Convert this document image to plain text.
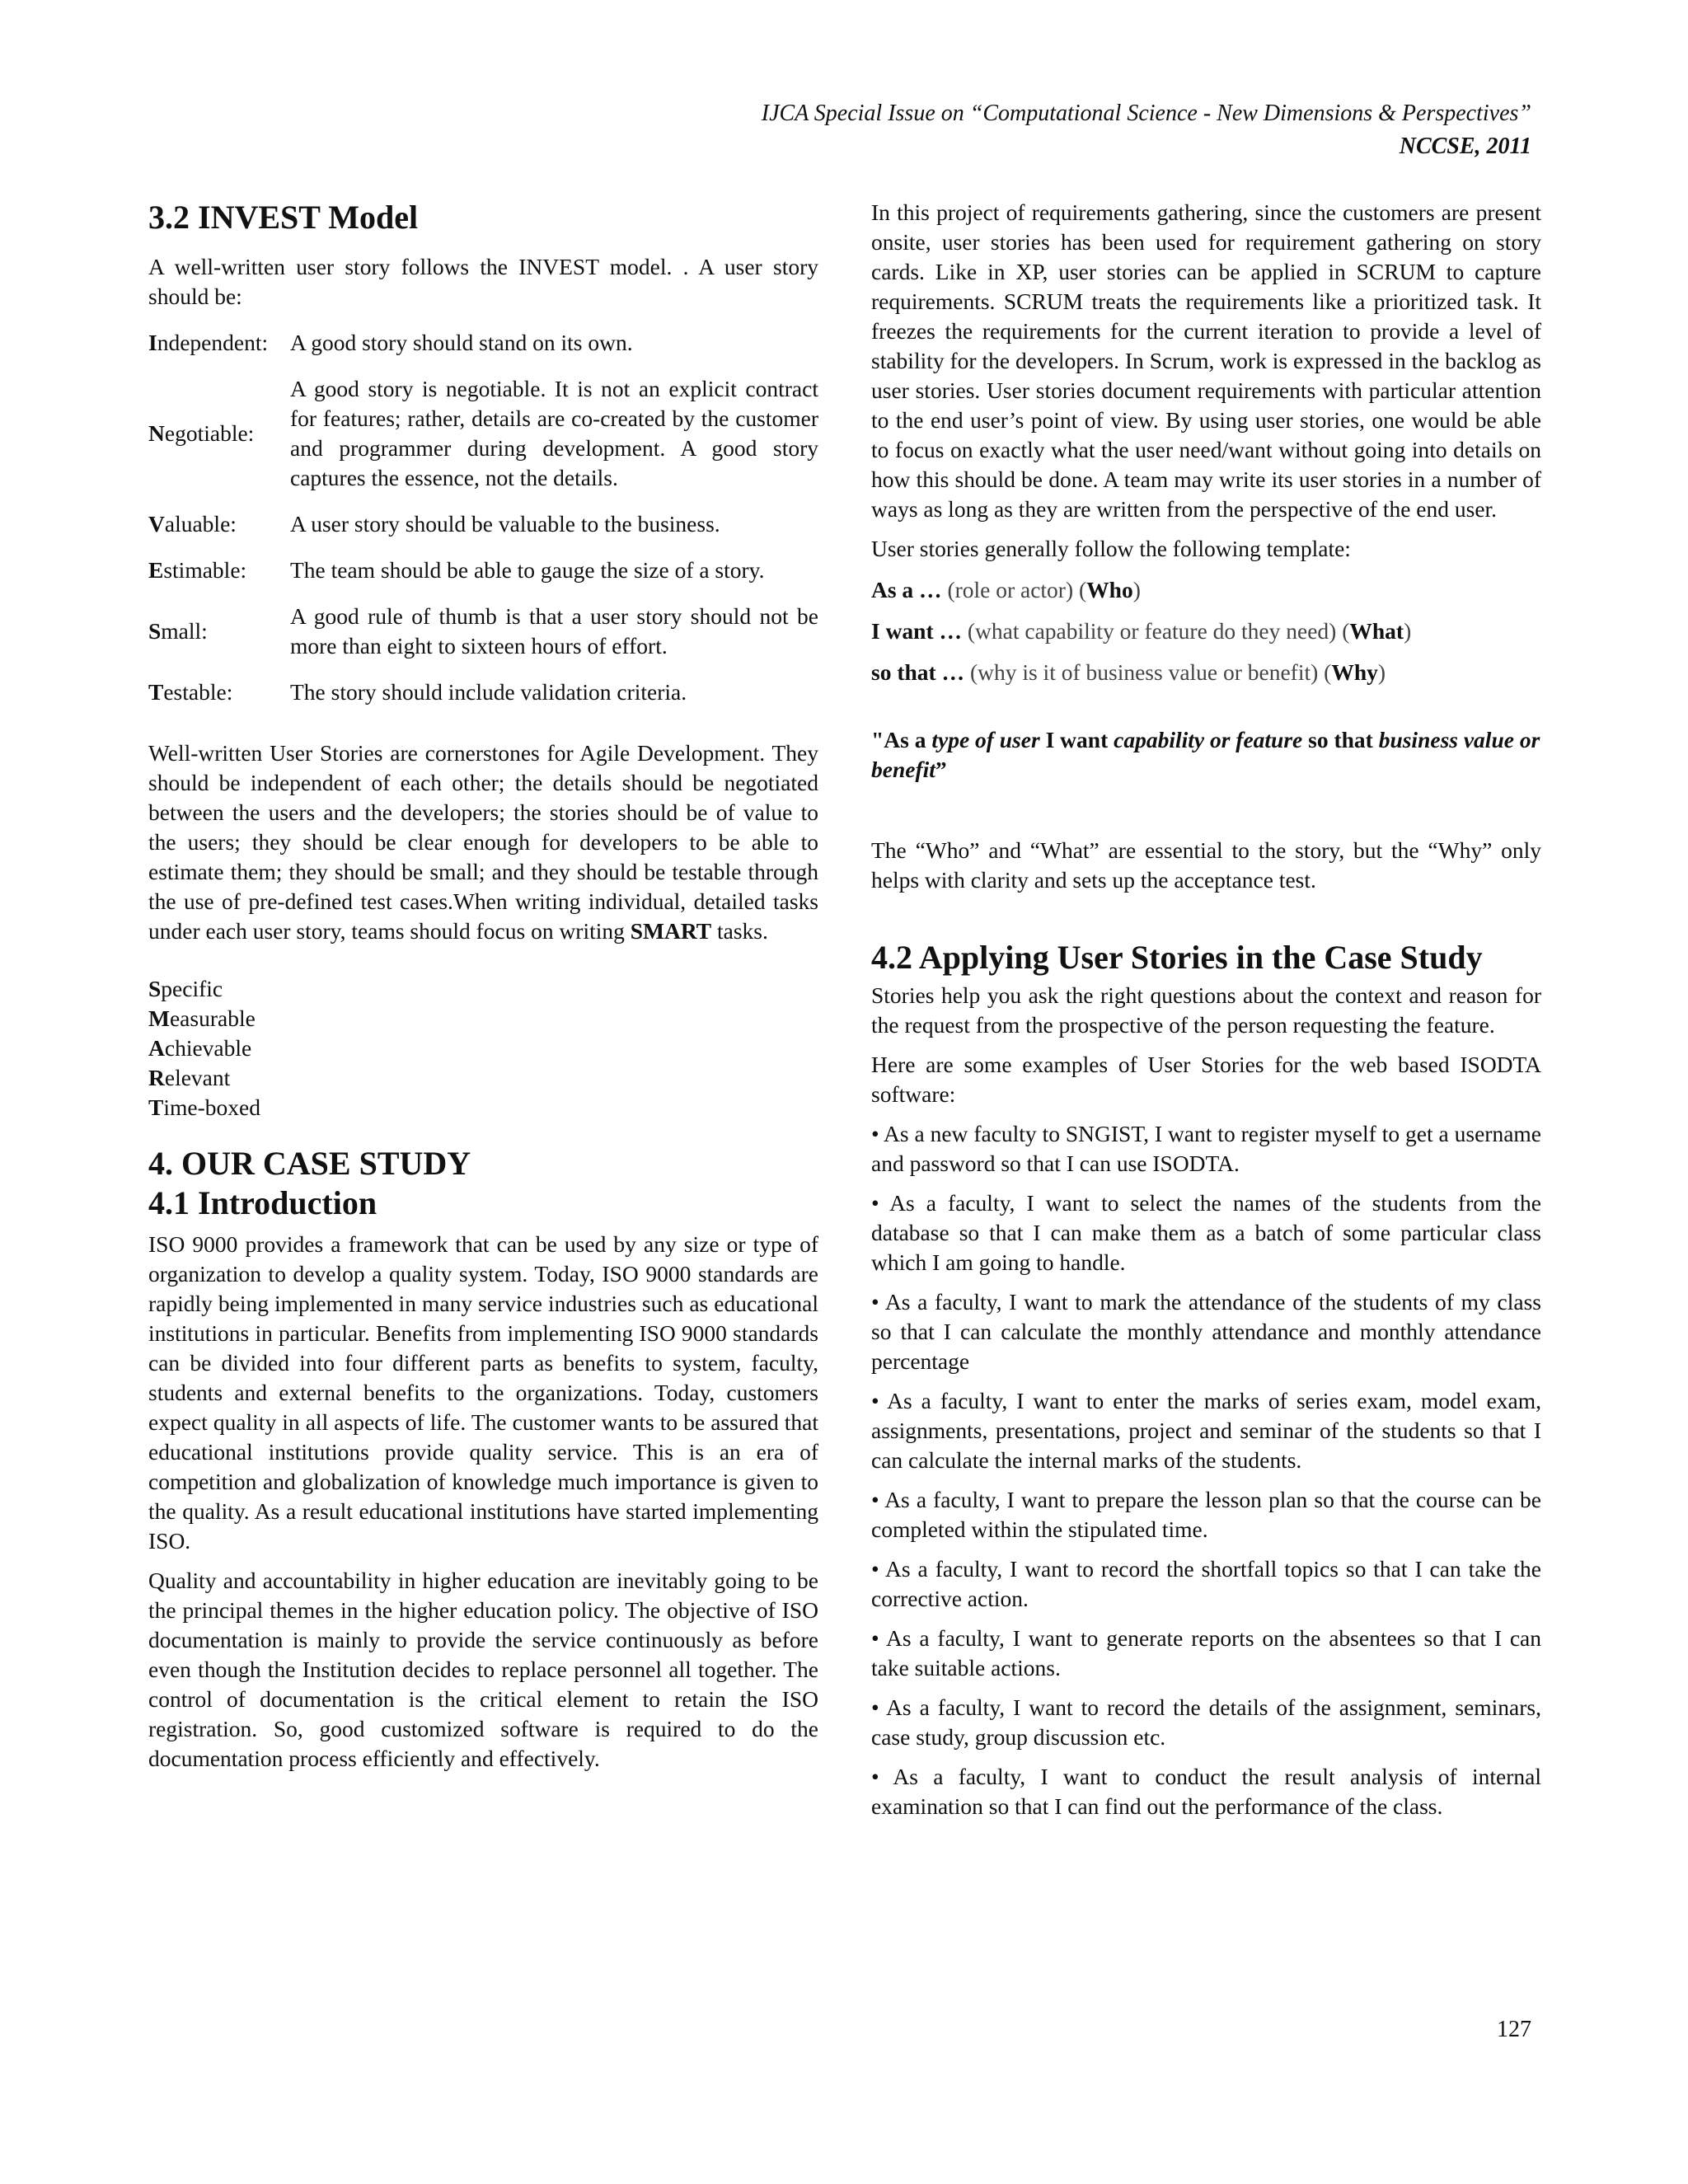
IJCA Special Issue on “Computational Science - New Dimensions & Perspectives”
NCCSE, 2011
3.2 INVEST Model

A well-written user story follows the INVEST model. . A user story should be:

Independent:	A good story should stand on its own.
Negotiable:	A good story is negotiable. It is not an explicit contract for features; rather, details are co-created by the customer and programmer during development. A good story captures the essence, not the details.
Valuable:	A user story should be valuable to the business.
Estimable:	The team should be able to gauge the size of a story.
Small:	A good rule of thumb is that a user story should not be more than eight to sixteen hours of effort.
Testable:	The story should include validation criteria.

Well-written User Stories are cornerstones for Agile Development. They should be independent of each other; the details should be negotiated between the users and the developers; the stories should be of value to the users; they should be clear enough for developers to be able to estimate them; they should be small; and they should be testable through the use of pre-defined test cases.When writing individual, detailed tasks under each user story, teams should focus on writing SMART tasks.

Specific
Measurable
Achievable
Relevant
Time-boxed
4. OUR CASE STUDY
4.1 Introduction

ISO 9000 provides a framework that can be used by any size or type of organization to develop a quality system. Today, ISO 9000 standards are rapidly being implemented in many service industries such as educational institutions in particular. Benefits from implementing ISO 9000 standards can be divided into four different parts as benefits to system, faculty, students and external benefits to the organizations. Today, customers expect quality in all aspects of life. The customer wants to be assured that educational institutions provide quality service. This is an era of competition and globalization of knowledge much importance is given to the quality. As a result educational institutions have started implementing ISO.

Quality and accountability in higher education are inevitably going to be the principal themes in the higher education policy. The objective of ISO documentation is mainly to provide the service continuously as before even though the Institution decides to replace personnel all together. The control of documentation is the critical element to retain the ISO registration. So, good customized software is required to do the documentation process efficiently and effectively.

In this project of requirements gathering, since the customers are present onsite, user stories has been used for requirement gathering on story cards. Like in XP, user stories can be applied in SCRUM to capture requirements. SCRUM treats the requirements like a prioritized task. It freezes the requirements for the current iteration to provide a level of stability for the developers. In Scrum, work is expressed in the backlog as user stories. User stories document requirements with particular attention to the end user’s point of view. By using user stories, one would be able to focus on exactly what the user need/want without going into details on how this should be done. A team may write its user stories in a number of ways as long as they are written from the perspective of the end user.

User stories generally follow the following template:

As a … (role or actor) (Who)
I want … (what capability or feature do they need) (What)
so that … (why is it of business value or benefit) (Why)

"As a type of user I want capability or feature so that business value or benefit”

The “Who” and “What” are essential to the story, but the “Why” only helps with clarity and sets up the acceptance test.

4.2 Applying User Stories in the Case Study

Stories help you ask the right questions about the context and reason for the request from the prospective of the person requesting the feature.

Here are some examples of User Stories for the web based ISODTA software:

• As a new faculty to SNGIST, I want to register myself to get a username and password so that I can use ISODTA.

• As a faculty, I want to select the names of the students from the database so that I can make them as a batch of some particular class which I am going to handle.

• As a faculty, I want to mark the attendance of the students of my class so that I can calculate the monthly attendance and monthly attendance percentage

• As a faculty, I want to enter the marks of series exam, model exam, assignments, presentations, project and seminar of the students so that I can calculate the internal marks of the students.

• As a faculty, I want to prepare the lesson plan so that the course can be completed within the stipulated time.

• As a faculty, I want to record the shortfall topics so that I can take the corrective action.

• As a faculty, I want to generate reports on the absentees so that I can take suitable actions.

• As a faculty, I want to record the details of the assignment, seminars, case study, group discussion etc.

• As a faculty, I want to conduct the result analysis of internal examination so that I can find out the performance of the class.

127
